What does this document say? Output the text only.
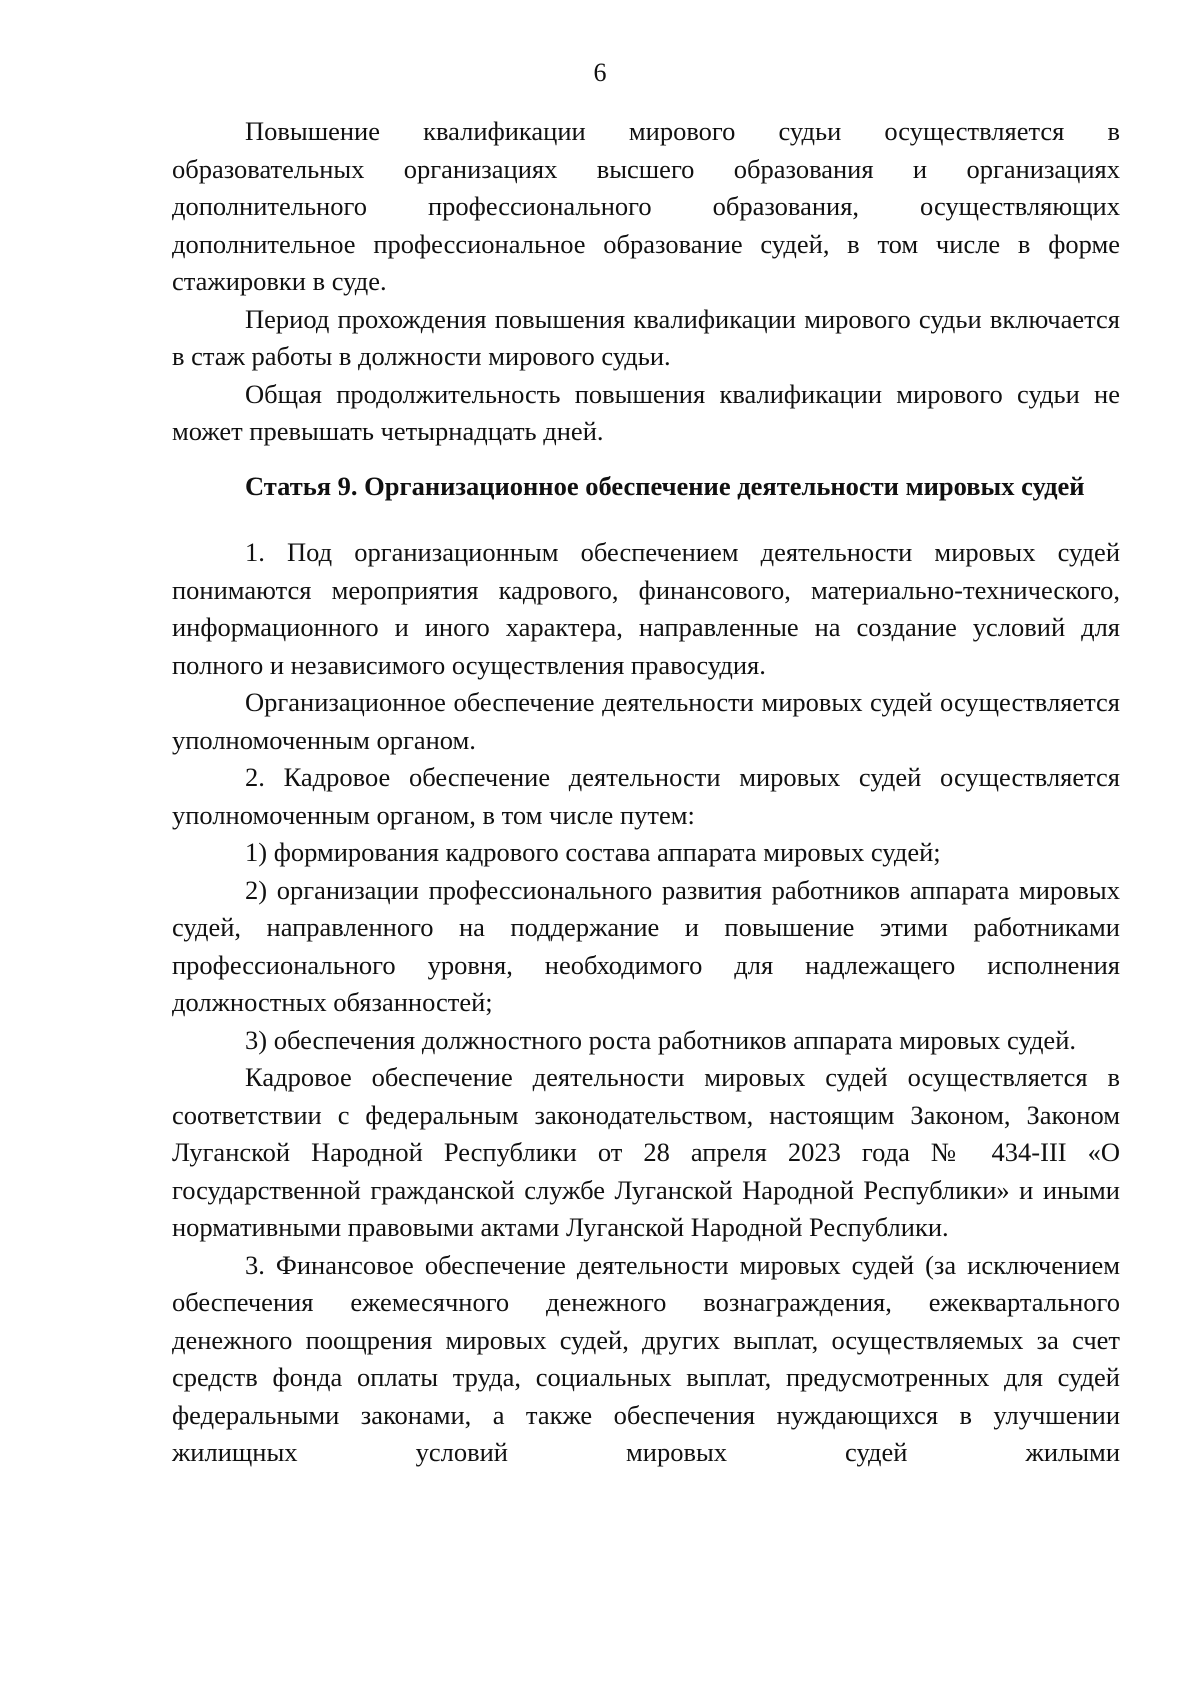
6

Повышение квалификации мирового судьи осуществляется в образовательных организациях высшего образования и организациях дополнительного профессионального образования, осуществляющих дополнительное профессиональное образование судей, в том числе в форме стажировки в суде.

Период прохождения повышения квалификации мирового судьи включается в стаж работы в должности мирового судьи.

Общая продолжительность повышения квалификации мирового судьи не может превышать четырнадцать дней.

Статья 9. Организационное обеспечение деятельности мировых судей

1. Под организационным обеспечением деятельности мировых судей понимаются мероприятия кадрового, финансового, материально-технического, информационного и иного характера, направленные на создание условий для полного и независимого осуществления правосудия.

Организационное обеспечение деятельности мировых судей осуществляется уполномоченным органом.

2. Кадровое обеспечение деятельности мировых судей осуществляется уполномоченным органом, в том числе путем:

1) формирования кадрового состава аппарата мировых судей;

2) организации профессионального развития работников аппарата мировых судей, направленного на поддержание и повышение этими работниками профессионального уровня, необходимого для надлежащего исполнения должностных обязанностей;

3) обеспечения должностного роста работников аппарата мировых судей.

Кадровое обеспечение деятельности мировых судей осуществляется в соответствии с федеральным законодательством, настоящим Законом, Законом Луганской Народной Республики от 28 апреля 2023 года № 434-III «О государственной гражданской службе Луганской Народной Республики» и иными нормативными правовыми актами Луганской Народной Республики.

3. Финансовое обеспечение деятельности мировых судей (за исключением обеспечения ежемесячного денежного вознаграждения, ежеквартального денежного поощрения мировых судей, других выплат, осуществляемых за счет средств фонда оплаты труда, социальных выплат, предусмотренных для судей федеральными законами, а также обеспечения нуждающихся в улучшении жилищных условий мировых судей жилыми
